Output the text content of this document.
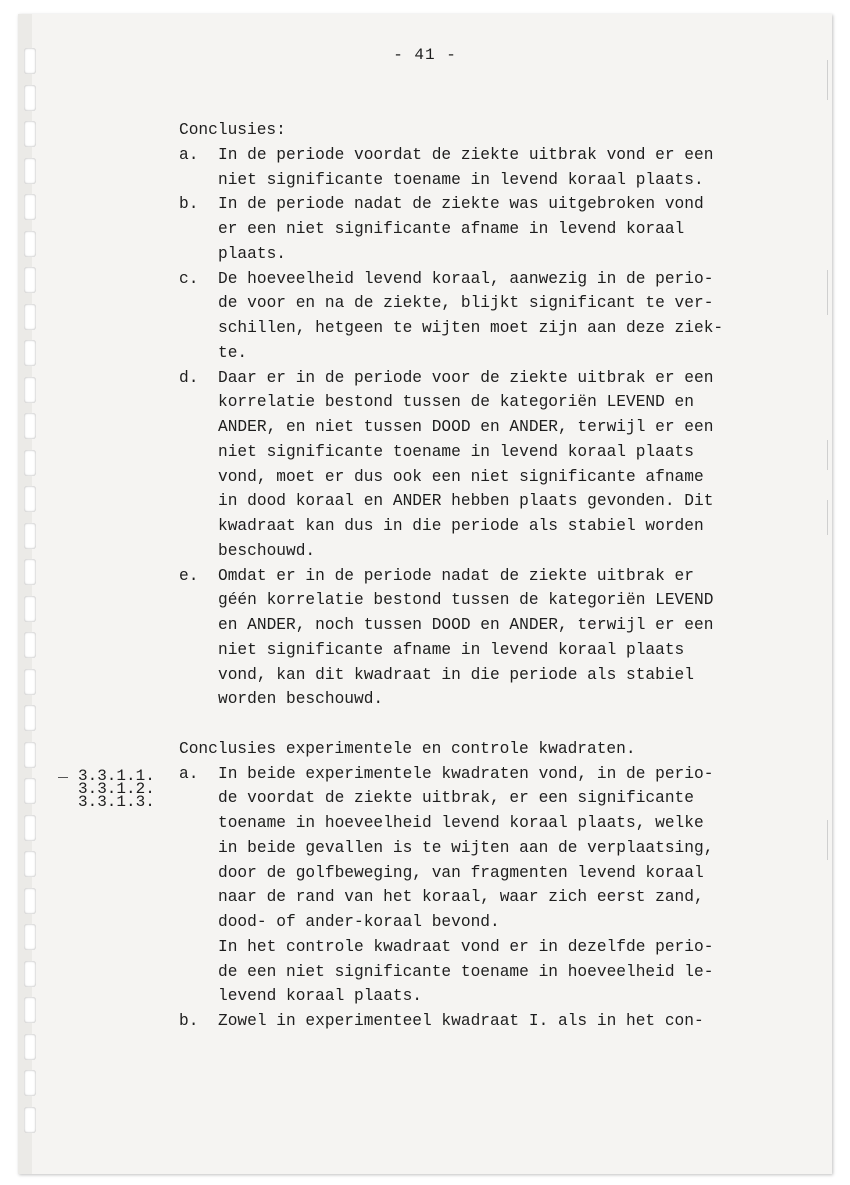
- 41 -
Conclusies:
a. In de periode voordat de ziekte uitbrak vond er een
niet significante toename in levend koraal plaats.
b. In de periode nadat de ziekte was uitgebroken vond
er een niet significante afname in levend koraal
plaats.
c. De hoeveelheid levend koraal, aanwezig in de perio-
de voor en na de ziekte, blijkt significant te ver-
schillen, hetgeen te wijten moet zijn aan deze ziek-
te.
d. Daar er in de periode voor de ziekte uitbrak er een
korrelatie bestond tussen de kategoriën LEVEND en
ANDER, en niet tussen DOOD en ANDER, terwijl er een
niet significante toename in levend koraal plaats
vond, moet er dus ook een niet significante afname
in dood koraal en ANDER hebben plaats gevonden. Dit
kwadraat kan dus in die periode als stabiel worden
beschouwd.
e. Omdat er in de periode nadat de ziekte uitbrak er
géén korrelatie bestond tussen de kategoriën LEVEND
en ANDER, noch tussen DOOD en ANDER, terwijl er een
niet significante afname in levend koraal plaats
vond, kan dit kwadraat in die periode als stabiel
worden beschouwd.
Conclusies experimentele en controle kwadraten.
a. In beide experimentele kwadraten vond, in de perio-
de voordat de ziekte uitbrak, er een significante
toename in hoeveelheid levend koraal plaats, welke
in beide gevallen is te wijten aan de verplaatsing,
door de golfbeweging, van fragmenten levend koraal
naar de rand van het koraal, waar zich eerst zand,
dood- of ander-koraal bevond.
In het controle kwadraat vond er in dezelfde perio-
de een niet significante toename in hoeveelheid le-
levend koraal plaats.
b. Zowel in experimenteel kwadraat I. als in het con-
3.3.1.1.
3.3.1.2.
3.3.1.3.
